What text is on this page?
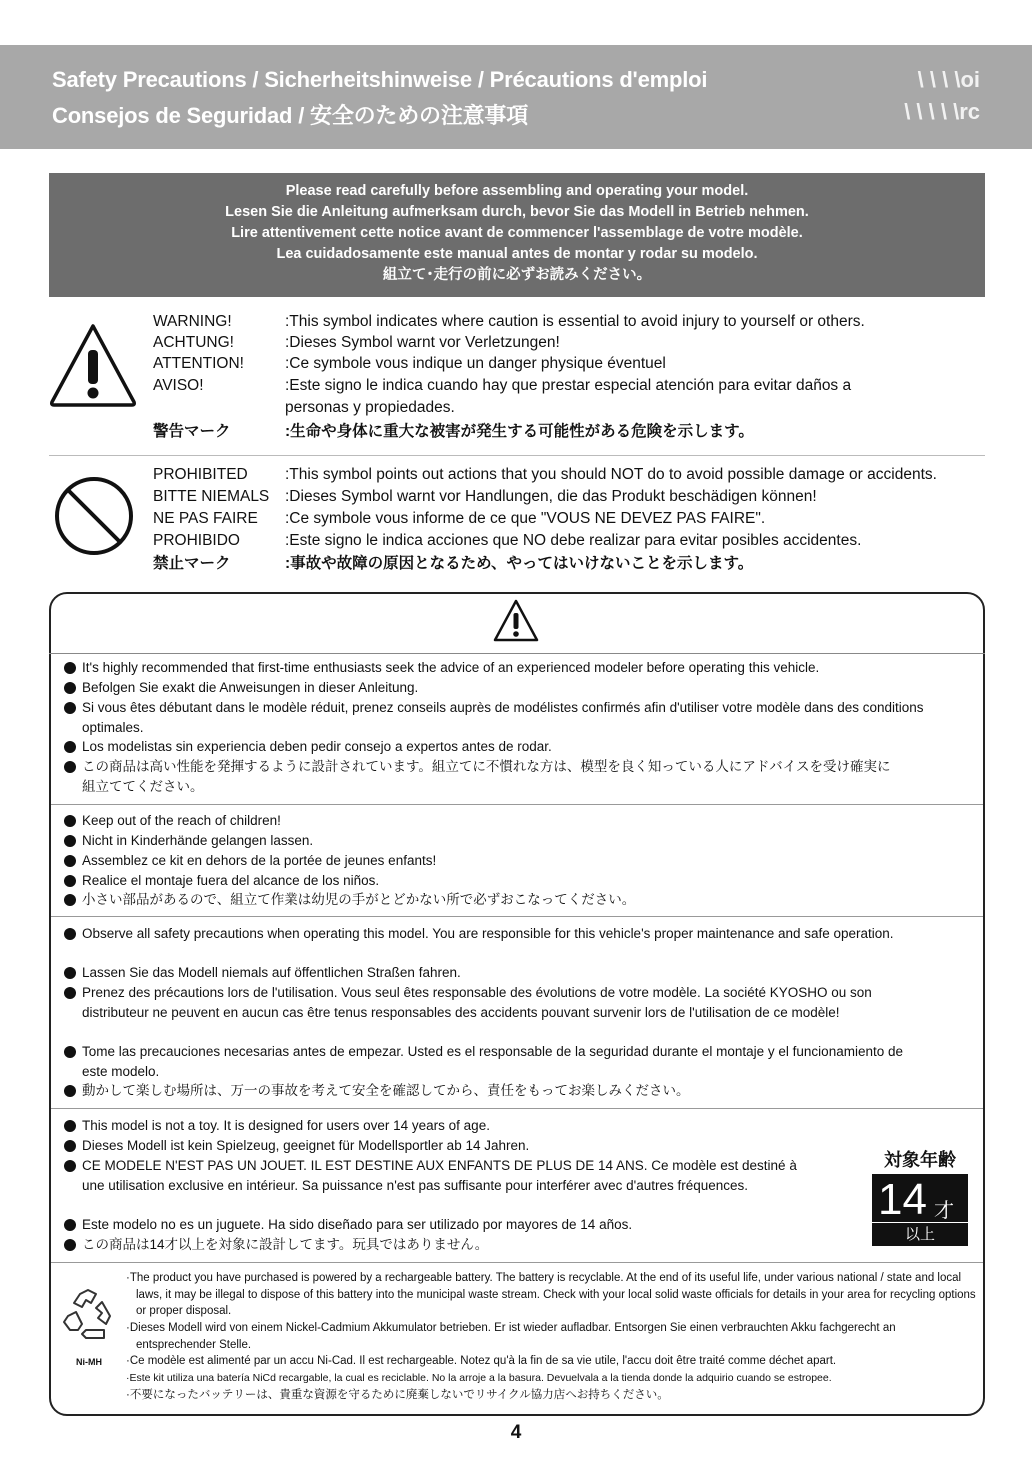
Safety Precautions / Sicherheitshinweise / Précautions d'emploi
Consejos de Seguridad / 安全のための注意事項
\ \ \ \oi
\ \ \ \ \rc
Please read carefully before assembling and operating your model.
Lesen Sie die Anleitung aufmerksam durch, bevor Sie das Modell in Betrieb nehmen.
Lire attentivement cette notice avant de commencer l'assemblage de votre modèle.
Lea cuidadosamente este manual antes de montar y rodar su modelo.
組立て･走行の前に必ずお読みください。
WARNING!	:This symbol indicates where caution is essential to avoid injury to yourself or others.
ACHTUNG!	:Dieses Symbol warnt vor Verletzungen!
ATTENTION!	:Ce symbole vous indique un danger physique éventuel
AVISO!	:Este signo le indica cuando hay que prestar especial atención para evitar daños a
personas y propiedades.
警告マーク	:生命や身体に重大な被害が発生する可能性がある危険を示します。
PROHIBITED :This symbol points out actions that you should NOT do to avoid possible damage or accidents.
BITTE NIEMALS :Dieses Symbol warnt vor Handlungen, die das Produkt beschädigen können!
NE PAS FAIRE :Ce symbole vous informe de ce que "VOUS NE DEVEZ PAS FAIRE".
PROHIBIDO	:Este signo le indica acciones que NO debe realizar para evitar posibles accidentes.
禁止マーク	:事故や故障の原因となるため、やってはいけないことを示します。
It's highly recommended that first-time enthusiasts seek the advice of an experienced modeler before operating this vehicle.
Befolgen Sie exakt die Anweisungen in dieser Anleitung.
Si vous êtes débutant dans le modèle réduit, prenez conseils auprès de modélistes confirmés afin d'utiliser votre modèle dans des conditions optimales.
Los modelistas sin experiencia deben pedir consejo a expertos antes de rodar.
この商品は高い性能を発揮するように設計されています。組立てに不慣れな方は、模型を良く知っている人にアドバイスを受け確実に組立ててください。
Keep out of the reach of children!
Nicht in Kinderhände gelangen lassen.
Assemblez ce kit en dehors de la portée de jeunes enfants!
Realice el montaje fuera del alcance de los niños.
小さい部品があるので、組立て作業は幼児の手がとどかない所で必ずおこなってください。
Observe all safety precautions when operating this model. You are responsible for this vehicle's proper maintenance and safe operation.
Lassen Sie das Modell niemals auf öffentlichen Straßen fahren.
Prenez des précautions lors de l'utilisation. Vous seul êtes responsable des évolutions de votre modèle. La société KYOSHO ou son distributeur ne peuvent en aucun cas être tenus responsables des accidents pouvant survenir lors de l'utilisation de ce modèle!
Tome las precauciones necesarias antes de empezar. Usted es el responsable de la seguridad durante el montaje y el funcionamiento de este modelo.
動かして楽しむ場所は、万一の事故を考えて安全を確認してから、責任をもってお楽しみください。
This model is not a toy. It is designed for users over 14 years of age.
Dieses Modell ist kein Spielzeug, geeignet für Modellsportler ab 14 Jahren.
CE MODELE N'EST PAS UN JOUET. IL EST DESTINE AUX ENFANTS DE PLUS DE 14 ANS. Ce modèle est destiné à une utilisation exclusive en intérieur. Sa puissance n'est pas suffisante pour interférer avec d'autres fréquences.
Este modelo no es un juguete. Ha sido diseñado para ser utilizado por mayores de 14 años.
この商品は14才以上を対象に設計してます。玩具ではありません。
対象年齢
14 才
以上
Ni-MH
·The product you have purchased is powered by a rechargeable battery. The battery is recyclable. At the end of its useful life, under various national / state and local laws, it may be illegal to dispose of this battery into the municipal waste stream. Check with your local solid waste officials for details in your area for recycling options or proper disposal.
·Dieses Modell wird von einem Nickel-Cadmium Akkumulator betrieben. Er ist wieder aufladbar. Entsorgen Sie einen verbrauchten Akku fachgerecht an entsprechender Stelle.
·Ce modèle est alimenté par un accu Ni-Cad. Il est rechargeable. Notez qu'à la fin de sa vie utile, l'accu doit être traité comme déchet apart.
·Este kit utiliza una batería NiCd recargable, la cual es reciclable. No la arroje a la basura. Devuelvala a la tienda donde la adquirio cuando se estropee.
·不要になったバッテリーは、貴重な資源を守るために廃棄しないでリサイクル協力店へお持ちください。
4
